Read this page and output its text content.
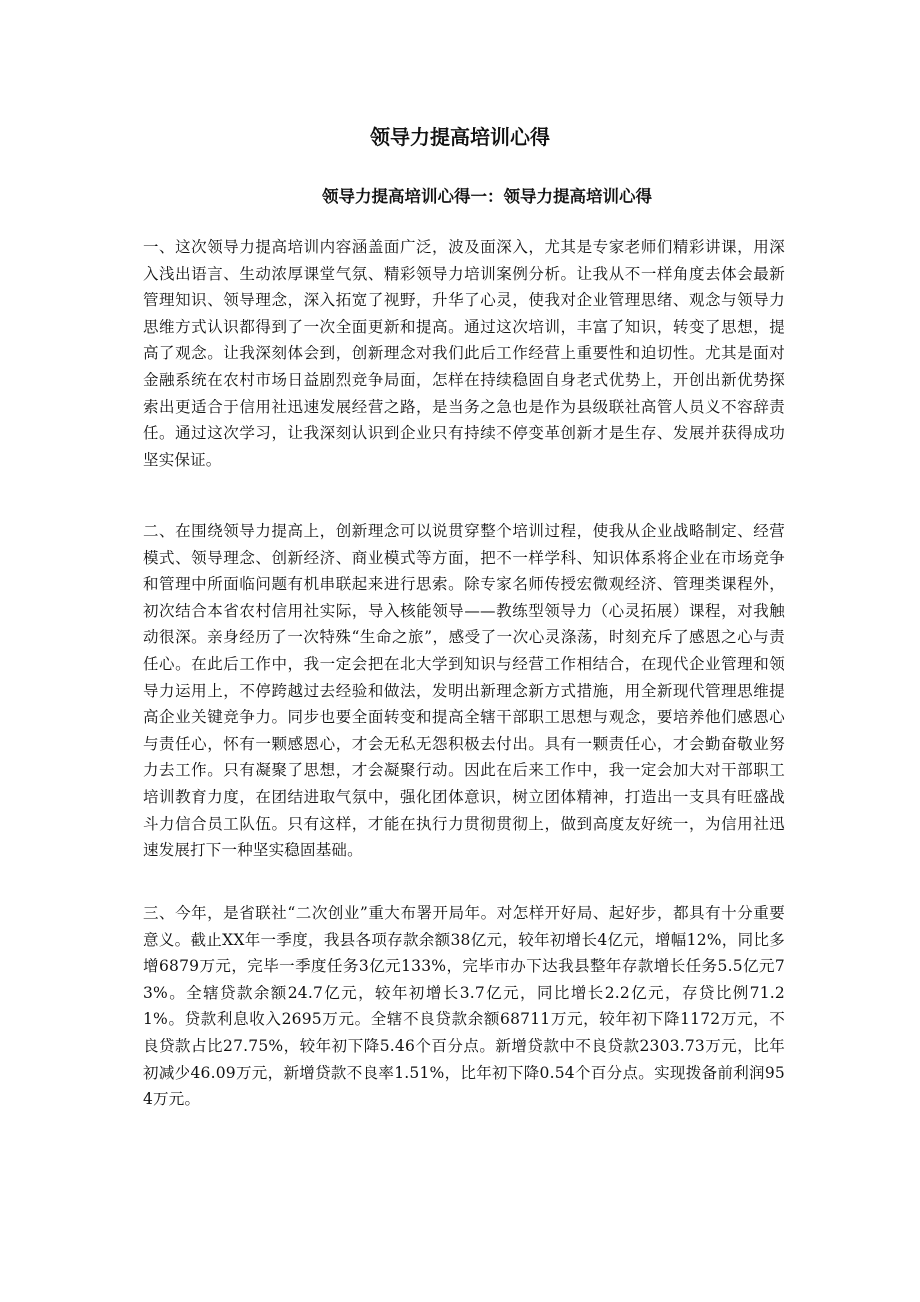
领导力提高培训心得
领导力提高培训心得一：领导力提高培训心得

一、这次领导力提高培训内容涵盖面广泛，波及面深入，尤其是专家老师们精彩讲课，用深入浅出语言、生动浓厚课堂气氛、精彩领导力培训案例分析。让我从不一样角度去体会最新管理知识、领导理念，深入拓宽了视野，升华了心灵，使我对企业管理思绪、观念与领导力思维方式认识都得到了一次全面更新和提高。通过这次培训，丰富了知识，转变了思想，提高了观念。让我深刻体会到，创新理念对我们此后工作经营上重要性和迫切性。尤其是面对金融系统在农村市场日益剧烈竞争局面，怎样在持续稳固自身老式优势上，开创出新优势探索出更适合于信用社迅速发展经营之路，是当务之急也是作为县级联社高管人员义不容辞责任。通过这次学习，让我深刻认识到企业只有持续不停变革创新才是生存、发展并获得成功坚实保证。

二、在围绕领导力提高上，创新理念可以说贯穿整个培训过程，使我从企业战略制定、经营模式、领导理念、创新经济、商业模式等方面，把不一样学科、知识体系将企业在市场竞争和管理中所面临问题有机串联起来进行思索。除专家名师传授宏微观经济、管理类课程外，初次结合本省农村信用社实际，导入核能领导——教练型领导力（心灵拓展）课程，对我触动很深。亲身经历了一次特殊“生命之旅”，感受了一次心灵涤荡，时刻充斥了感恩之心与责任心。在此后工作中，我一定会把在北大学到知识与经营工作相结合，在现代企业管理和领导力运用上，不停跨越过去经验和做法，发明出新理念新方式措施，用全新现代管理思维提高企业关键竞争力。同步也要全面转变和提高全辖干部职工思想与观念，要培养他们感恩心与责任心，怀有一颗感恩心，才会无私无怨积极去付出。具有一颗责任心，才会勤奋敬业努力去工作。只有凝聚了思想，才会凝聚行动。因此在后来工作中，我一定会加大对干部职工培训教育力度，在团结进取气氛中，强化团体意识，树立团体精神，打造出一支具有旺盛战斗力信合员工队伍。只有这样，才能在执行力贯彻贯彻上，做到高度友好统一，为信用社迅速发展打下一种坚实稳固基础。

三、今年，是省联社“二次创业”重大布署开局年。对怎样开好局、起好步，都具有十分重要意义。截止XX年一季度，我县各项存款余额38亿元，较年初增长4亿元，增幅12%，同比多增6879万元，完毕一季度任务3亿元133%，完毕市办下达我县整年存款增长任务5.5亿元73%。全辖贷款余额24.7亿元，较年初增长3.7亿元，同比增长2.2亿元，存贷比例71.21%。贷款利息收入2695万元。全辖不良贷款余额68711万元，较年初下降1172万元，不良贷款占比27.75%，较年初下降5.46个百分点。新增贷款中不良贷款2303.73万元，比年初减少46.09万元，新增贷款不良率1.51%，比年初下降0.54个百分点。实现拨备前利润954万元。
